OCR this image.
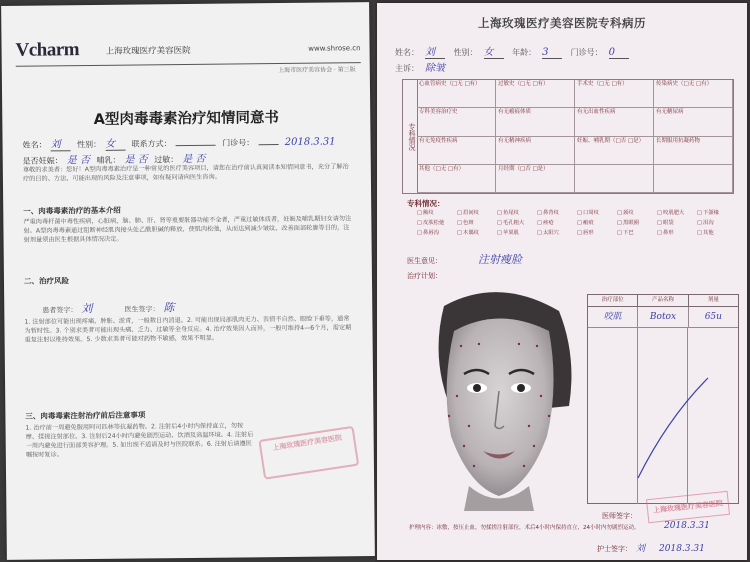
Vcharm	上海玫瑰医疗美容医院	www.shrose.cn
上海市医疗美容协会 · 第三版
A型肉毒毒素治疗知情同意书
姓名： 刘 性别： 女 联系方式：	门诊号：	2018.3.31
是否妊娠： 是 否 哺乳： 是 否 过敏： 是 否
尊敬的求美者：您好！A型肉毒毒素治疗是一种常见的医疗美容项目，请您在治疗前认真阅读本知情同意书，充分了解治疗的目的、方法、可能出现的风险及注意事项，如有疑问请向医生咨询。
一、肉毒毒素治疗的基本介绍
严重肉毒杆菌中毒性疾病，心脏病，脑、肺、肝、肾等重要脏器功能不全者，严重过敏体质者，妊娠及哺乳期妇女请勿注射。A型肉毒毒素通过阻断神经肌肉接头处乙酰胆碱的释放，使肌肉松弛，从而达到减少皱纹、改善面部轮廓等目的，注射剂量须由医生根据具体情况决定。
二、治疗风险
患者签字： 刘	医生签字： 陈
1. 注射部位可能出现疼痛、肿胀、淤青，一般数日内消退。2. 可能出现局部肌肉无力、表情不自然、眼睑下垂等，通常为暂时性。3. 个别求美者可能出现头痛、乏力、过敏等全身反应。4. 治疗效果因人而异，一般可维持4—6个月，需定期重复注射以维持效果。5. 少数求美者可能对药物不敏感，效果不明显。
三、肉毒毒素注射治疗前后注意事项
1. 治疗前一周避免服用阿司匹林等抗凝药物。2. 注射后4小时内保持直立，勿按摩、揉搓注射部位。3. 注射后24小时内避免剧烈运动、饮酒及高温环境。4. 注射后一周内避免进行面部美容护理。5. 如出现不适请及时与医院联系。6. 注射后请遵医嘱按时复诊。
上海玫瑰医疗美容医院
上海玫瑰医疗美容医院专科病历
姓名： 刘 性别： 女 年龄： 3	门诊号： 0
主诉： 除皱
专科情况
心血管病史（□无 □有）	过敏史（□无 □有）	手术史（□无 □有）	传染病史（□无 □有）
专科美容治疗史	有无瘢痕体质	有无出血性疾病	有无糖尿病
有无免疫性疾病	有无精神疾病	妊娠、哺乳期（□否 □是）	长期服用抗凝药物
其他（□无 □有）	月经期（□否 □是）
专科情况：
□ 额纹	□ 眉间纹	□ 鱼尾纹	□ 鼻背纹	□ 口周纹	□ 颈纹	□ 咬肌肥大	□ 下颌缘
□ 皮肤松弛	□ 色斑	□ 毛孔粗大	□ 痤疮	□ 瘢痕	□ 黑眼圈	□ 眼袋	□ 泪沟
□ 鼻唇沟	□ 木偶纹	□ 苹果肌	□ 太阳穴	□ 唇形	□ 下巴	□ 鼻形	□ 其他
医生意见：	注射瘦脸
治疗计划：
治疗部位	产品名称	剂量
咬肌	Botox	65u
上海玫瑰医疗美容医院
医师签字： 2018.3.31
护理内容：冰敷，按压止血，勿揉搓注射部位，术后4小时内保持直立，24小时内勿剧烈运动。
护士签字： 刘 2018.3.31
